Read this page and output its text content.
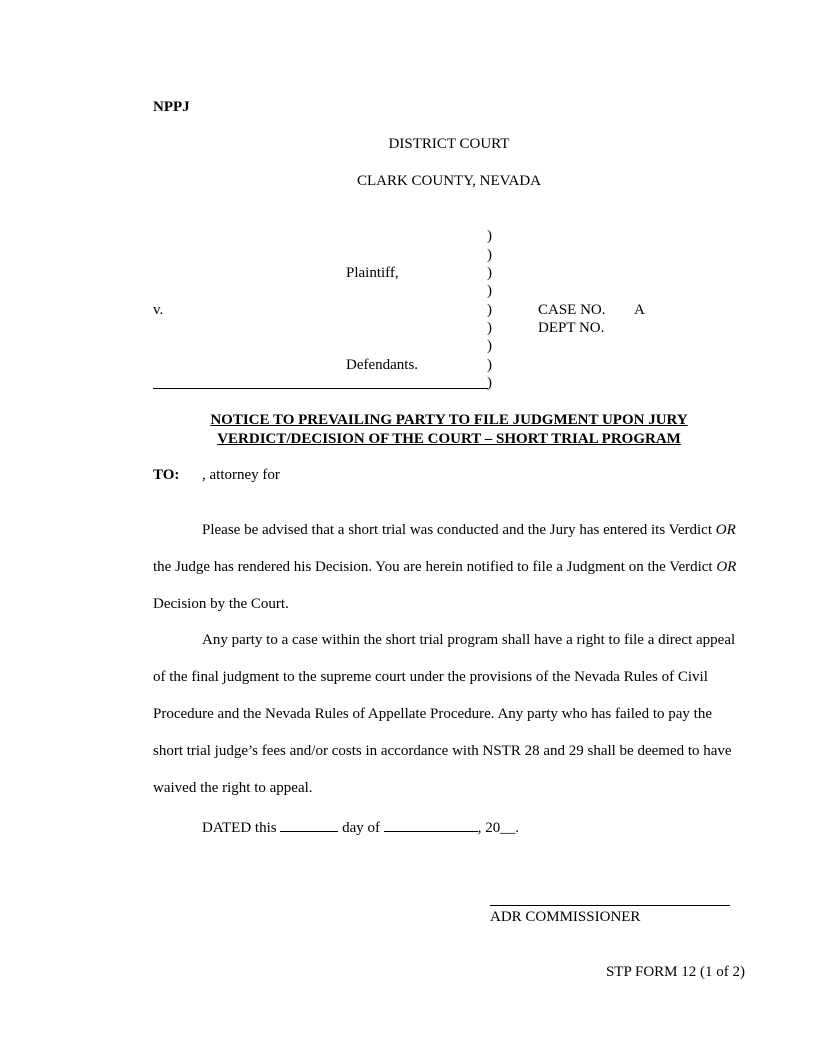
NPPJ
DISTRICT COURT
CLARK COUNTY, NEVADA
)
)
)
)
)
)
)
)
)
Plaintiff,
v.
Defendants.
CASE NO. A
DEPT NO.
NOTICE TO PREVAILING PARTY TO FILE JUDGMENT UPON JURY
VERDICT/DECISION OF THE COURT – SHORT TRIAL PROGRAM
TO: , attorney for
Please be advised that a short trial was conducted and the Jury has entered its Verdict OR the Judge has rendered his Decision. You are herein notified to file a Judgment on the Verdict OR Decision by the Court.
Any party to a case within the short trial program shall have a right to file a direct appeal of the final judgment to the supreme court under the provisions of the Nevada Rules of Civil Procedure and the Nevada Rules of Appellate Procedure. Any party who has failed to pay the short trial judge’s fees and/or costs in accordance with NSTR 28 and 29 shall be deemed to have waived the right to appeal.
DATED this	day of	, 20__.
ADR COMMISSIONER
STP FORM 12 (1 of 2)
